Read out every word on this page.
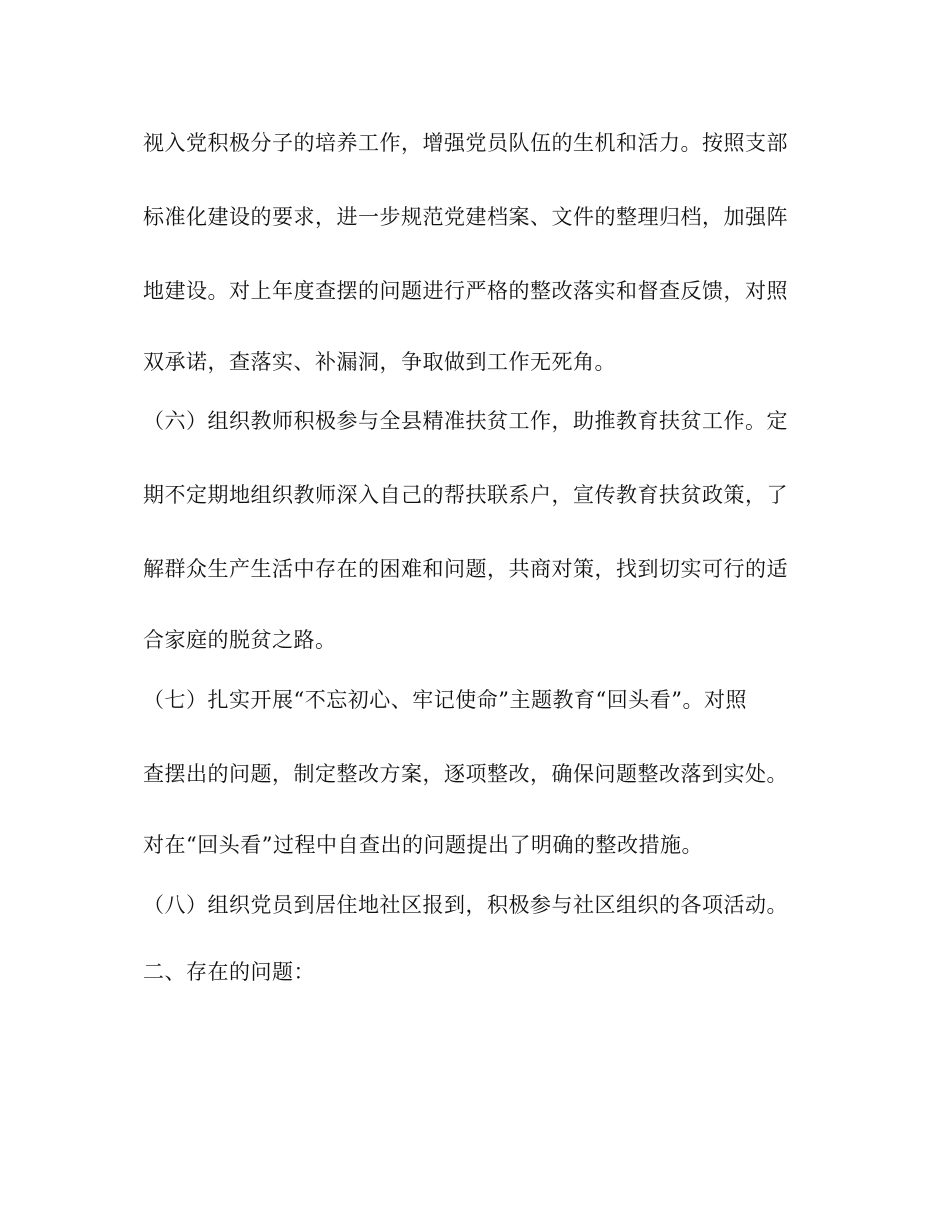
视入党积极分子的培养工作，增强党员队伍的生机和活力。按照支部
标准化建设的要求，进一步规范党建档案、文件的整理归档，加强阵
地建设。对上年度查摆的问题进行严格的整改落实和督查反馈，对照
双承诺，查落实、补漏洞，争取做到工作无死角。
（六）组织教师积极参与全县精准扶贫工作，助推教育扶贫工作。定
期不定期地组织教师深入自己的帮扶联系户，宣传教育扶贫政策，了
解群众生产生活中存在的困难和问题，共商对策，找到切实可行的适
合家庭的脱贫之路。
（七）扎实开展“不忘初心、牢记使命”主题教育“回头看”。对照
查摆出的问题，制定整改方案，逐项整改，确保问题整改落到实处。
对在“回头看”过程中自查出的问题提出了明确的整改措施。
（八）组织党员到居住地社区报到，积极参与社区组织的各项活动。
二、存在的问题：
